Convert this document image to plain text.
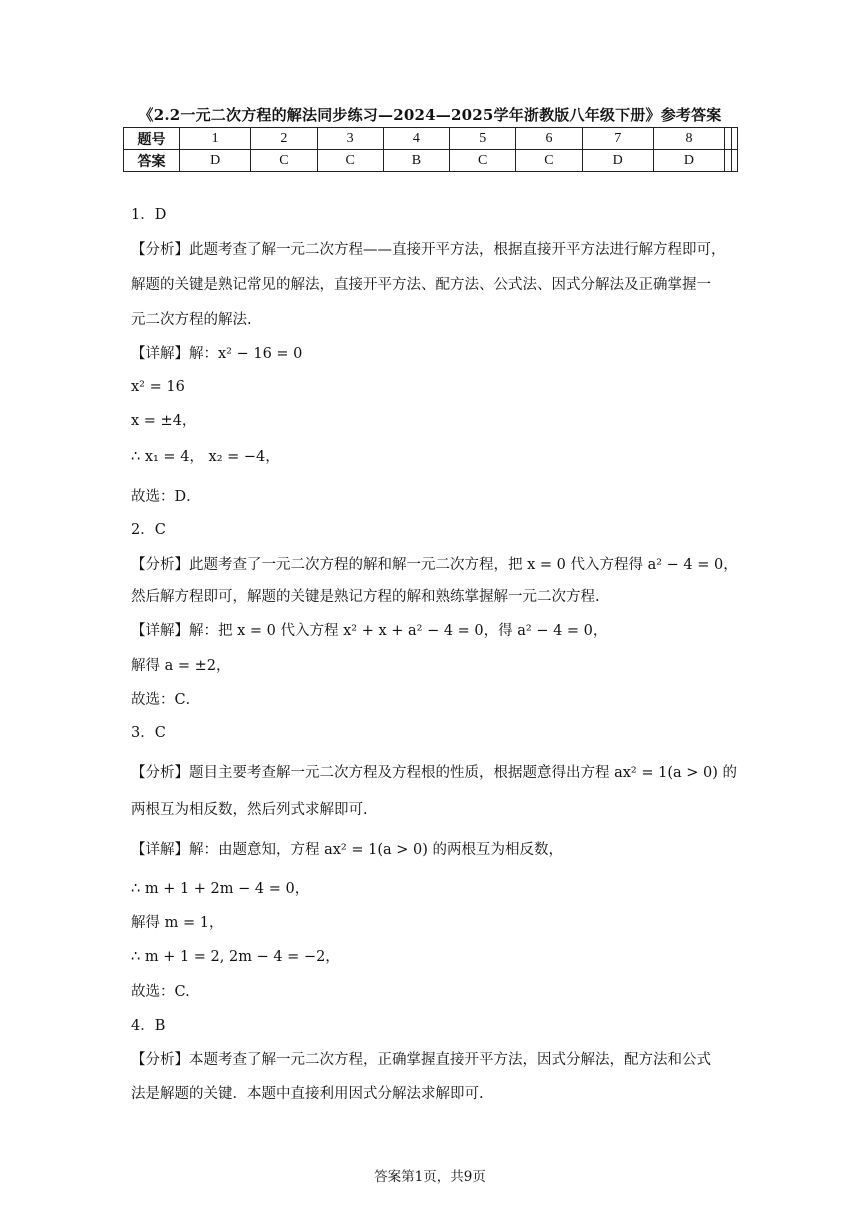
《2.2一元二次方程的解法同步练习—2024—2025学年浙教版八年级下册》参考答案
题号	1	2	3	4	5	6	7	8		
答案	D	C	C	B	C	C	D	D		
1．D
【分析】此题考查了解一元二次方程——直接开平方法，根据直接开平方法进行解方程即可，
解题的关键是熟记常见的解法，直接开平方法、配方法、公式法、因式分解法及正确掌握一
元二次方程的解法.
【详解】解：x² − 16 = 0
x² = 16
x = ±4，
∴ x₁ = 4， x₂ = −4，
故选：D．
2．C
【分析】此题考查了一元二次方程的解和解一元二次方程，把 x = 0 代入方程得 a² − 4 = 0，
然后解方程即可，解题的关键是熟记方程的解和熟练掌握解一元二次方程.
【详解】解：把 x = 0 代入方程 x² + x + a² − 4 = 0，得 a² − 4 = 0，
解得 a = ±2，
故选：C．
3．C
【分析】题目主要考查解一元二次方程及方程根的性质，根据题意得出方程 ax² = 1(a > 0) 的
两根互为相反数，然后列式求解即可.
【详解】解：由题意知，方程 ax² = 1(a > 0) 的两根互为相反数，
∴ m + 1 + 2m − 4 = 0，
解得 m = 1，
∴ m + 1 = 2, 2m − 4 = −2，
故选：C.
4．B
【分析】本题考查了解一元二次方程，正确掌握直接开平方法，因式分解法，配方法和公式
法是解题的关键．本题中直接利用因式分解法求解即可.
答案第1页，共9页
